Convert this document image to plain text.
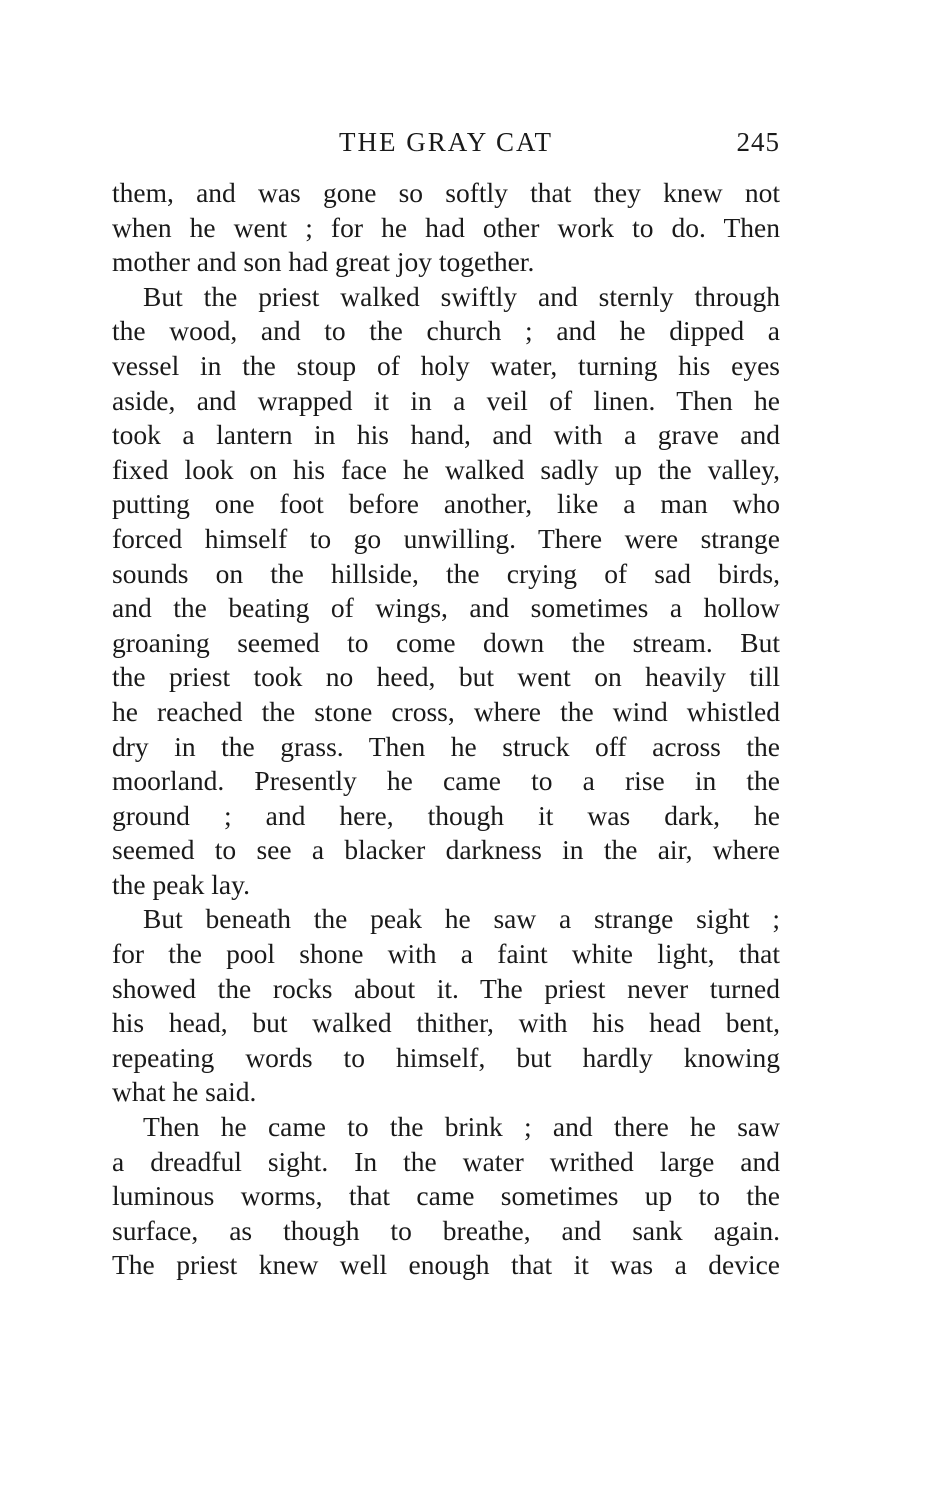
THE GRAY CAT	245

them, and was gone so softly that they knew not

when he went ; for he had other work to do. Then

mother and son had great joy together.

But the priest walked swiftly and sternly through

the wood, and to the church ; and he dipped a

vessel in the stoup of holy water, turning his eyes

aside, and wrapped it in a veil of linen. Then he

took a lantern in his hand, and with a grave and

fixed look on his face he walked sadly up the valley,

putting one foot before another, like a man who

forced himself to go unwilling. There were strange

sounds on the hillside, the crying of sad birds,

and the beating of wings, and sometimes a hollow

groaning seemed to come down the stream. But

the priest took no heed, but went on heavily till

he reached the stone cross, where the wind whistled

dry in the grass. Then he struck off across the

moorland. Presently he came to a rise in the

ground ; and here, though it was dark, he

seemed to see a blacker darkness in the air, where

the peak lay.

But beneath the peak he saw a strange sight ;

for the pool shone with a faint white light, that

showed the rocks about it. The priest never turned

his head, but walked thither, with his head bent,

repeating words to himself, but hardly knowing

what he said.

Then he came to the brink ; and there he saw

a dreadful sight. In the water writhed large and

luminous worms, that came sometimes up to the

surface, as though to breathe, and sank again.

The priest knew well enough that it was a device
